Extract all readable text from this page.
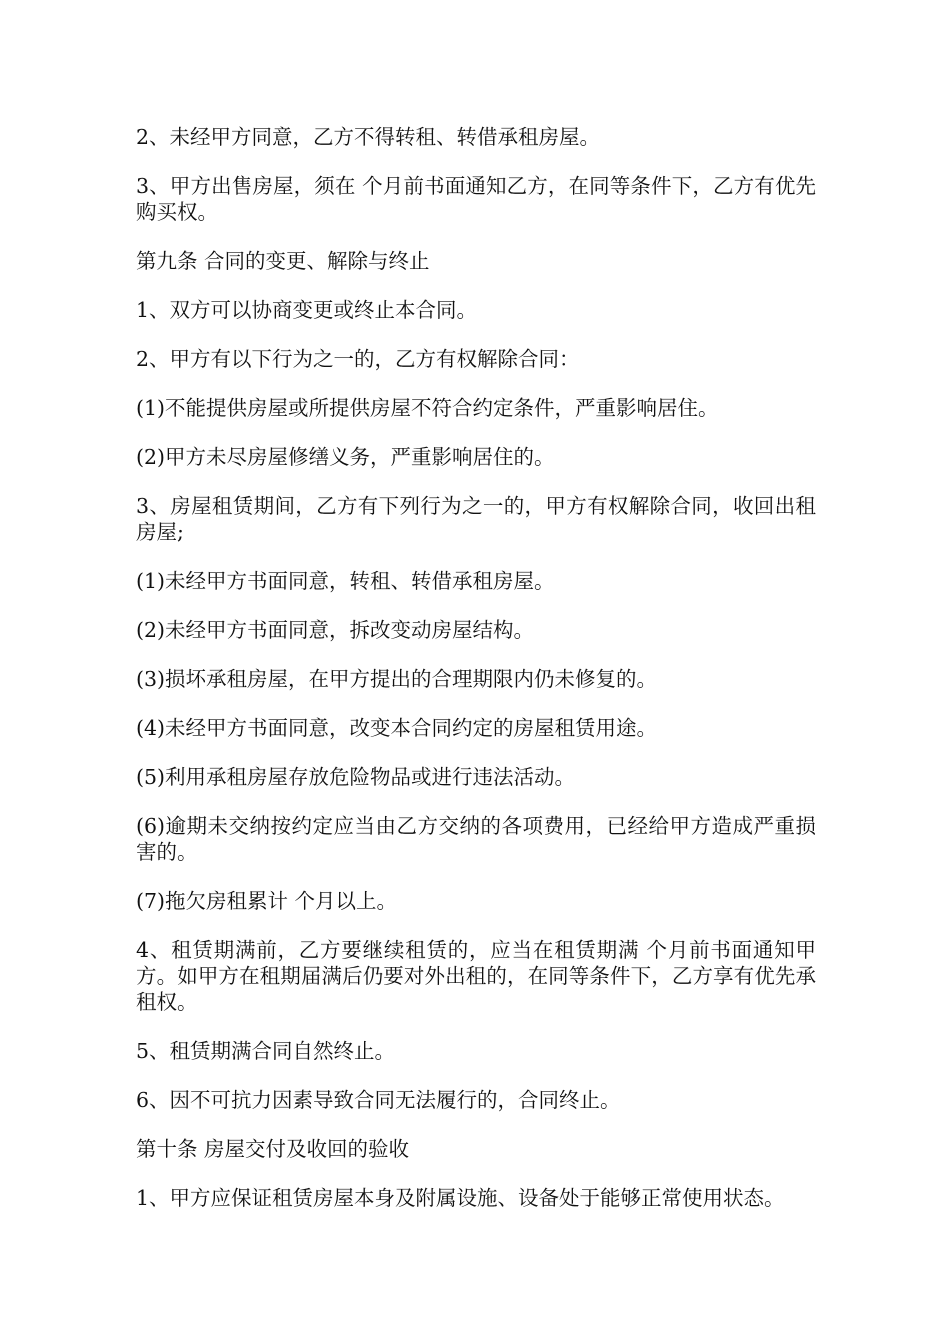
2、未经甲方同意，乙方不得转租、转借承租房屋。

3、甲方出售房屋，须在 个月前书面通知乙方，在同等条件下，乙方有优先购买权。

第九条 合同的变更、解除与终止

1、双方可以协商变更或终止本合同。

2、甲方有以下行为之一的，乙方有权解除合同：

(1)不能提供房屋或所提供房屋不符合约定条件，严重影响居住。

(2)甲方未尽房屋修缮义务，严重影响居住的。

3、房屋租赁期间，乙方有下列行为之一的，甲方有权解除合同，收回出租房屋;

(1)未经甲方书面同意，转租、转借承租房屋。

(2)未经甲方书面同意，拆改变动房屋结构。

(3)损坏承租房屋，在甲方提出的合理期限内仍未修复的。

(4)未经甲方书面同意，改变本合同约定的房屋租赁用途。

(5)利用承租房屋存放危险物品或进行违法活动。

(6)逾期未交纳按约定应当由乙方交纳的各项费用，已经给甲方造成严重损害的。

(7)拖欠房租累计 个月以上。

4、租赁期满前，乙方要继续租赁的，应当在租赁期满 个月前书面通知甲方。如甲方在租期届满后仍要对外出租的，在同等条件下，乙方享有优先承租权。

5、租赁期满合同自然终止。

6、因不可抗力因素导致合同无法履行的，合同终止。

第十条 房屋交付及收回的验收

1、甲方应保证租赁房屋本身及附属设施、设备处于能够正常使用状态。
